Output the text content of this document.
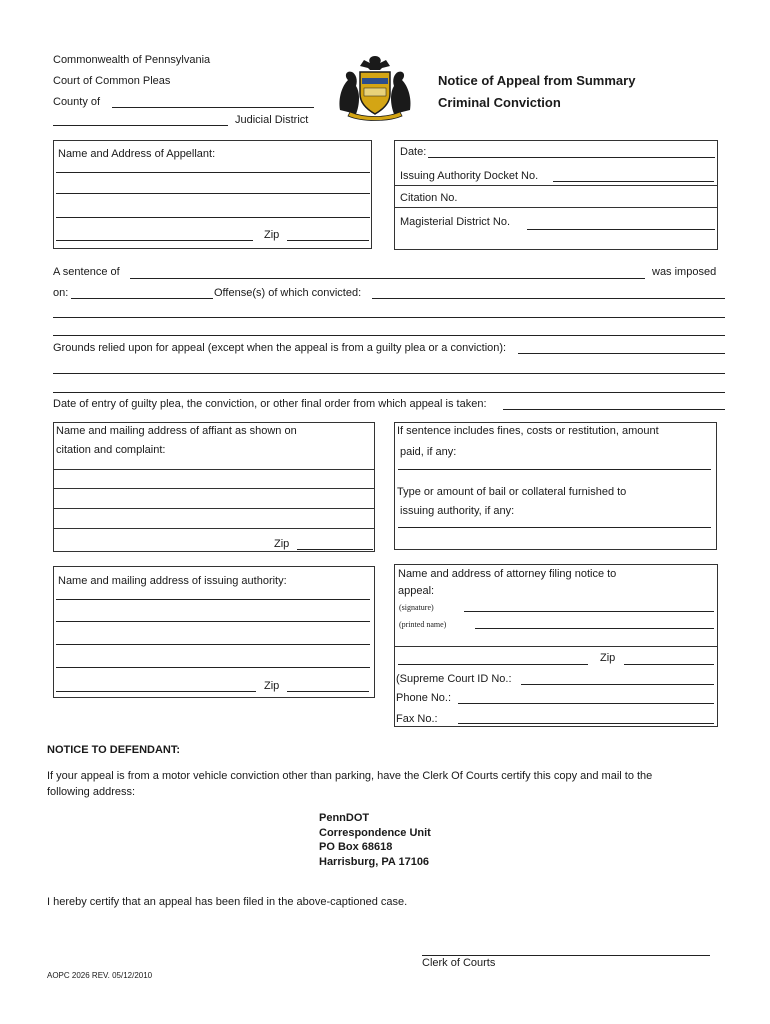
Commonwealth of Pennsylvania
Court of Common Pleas
County of
Judicial District
Notice of Appeal from Summary
Criminal Conviction
Name and Address of Appellant:
Zip
Date:
Issuing Authority Docket No.
Citation No.
Magisterial District No.
A sentence of	was imposed
on:	Offense(s) of which convicted:
Grounds relied upon for appeal (except when the appeal is from a guilty plea or a conviction):
Date of entry of guilty plea, the conviction, or other final order from which appeal is taken:
Name and mailing address of affiant as shown on
citation and complaint:
Zip
If sentence includes fines, costs or restitution, amount
paid, if any:
Type or amount of bail or collateral furnished to
issuing authority, if any:
Name and mailing address of issuing authority:
Zip
Name and address of attorney filing notice to
appeal:
(signature)
(printed name)
Zip
(Supreme Court ID No.:
Phone No.:
Fax No.:
NOTICE TO DEFENDANT:
If your appeal is from a motor vehicle conviction other than parking, have the Clerk Of Courts certify this copy and mail to the
following address:
PennDOT
Correspondence Unit
PO Box 68618
Harrisburg, PA 17106
I hereby certify that an appeal has been filed in the above-captioned case.
Clerk of Courts
AOPC 2026 REV. 05/12/2010
